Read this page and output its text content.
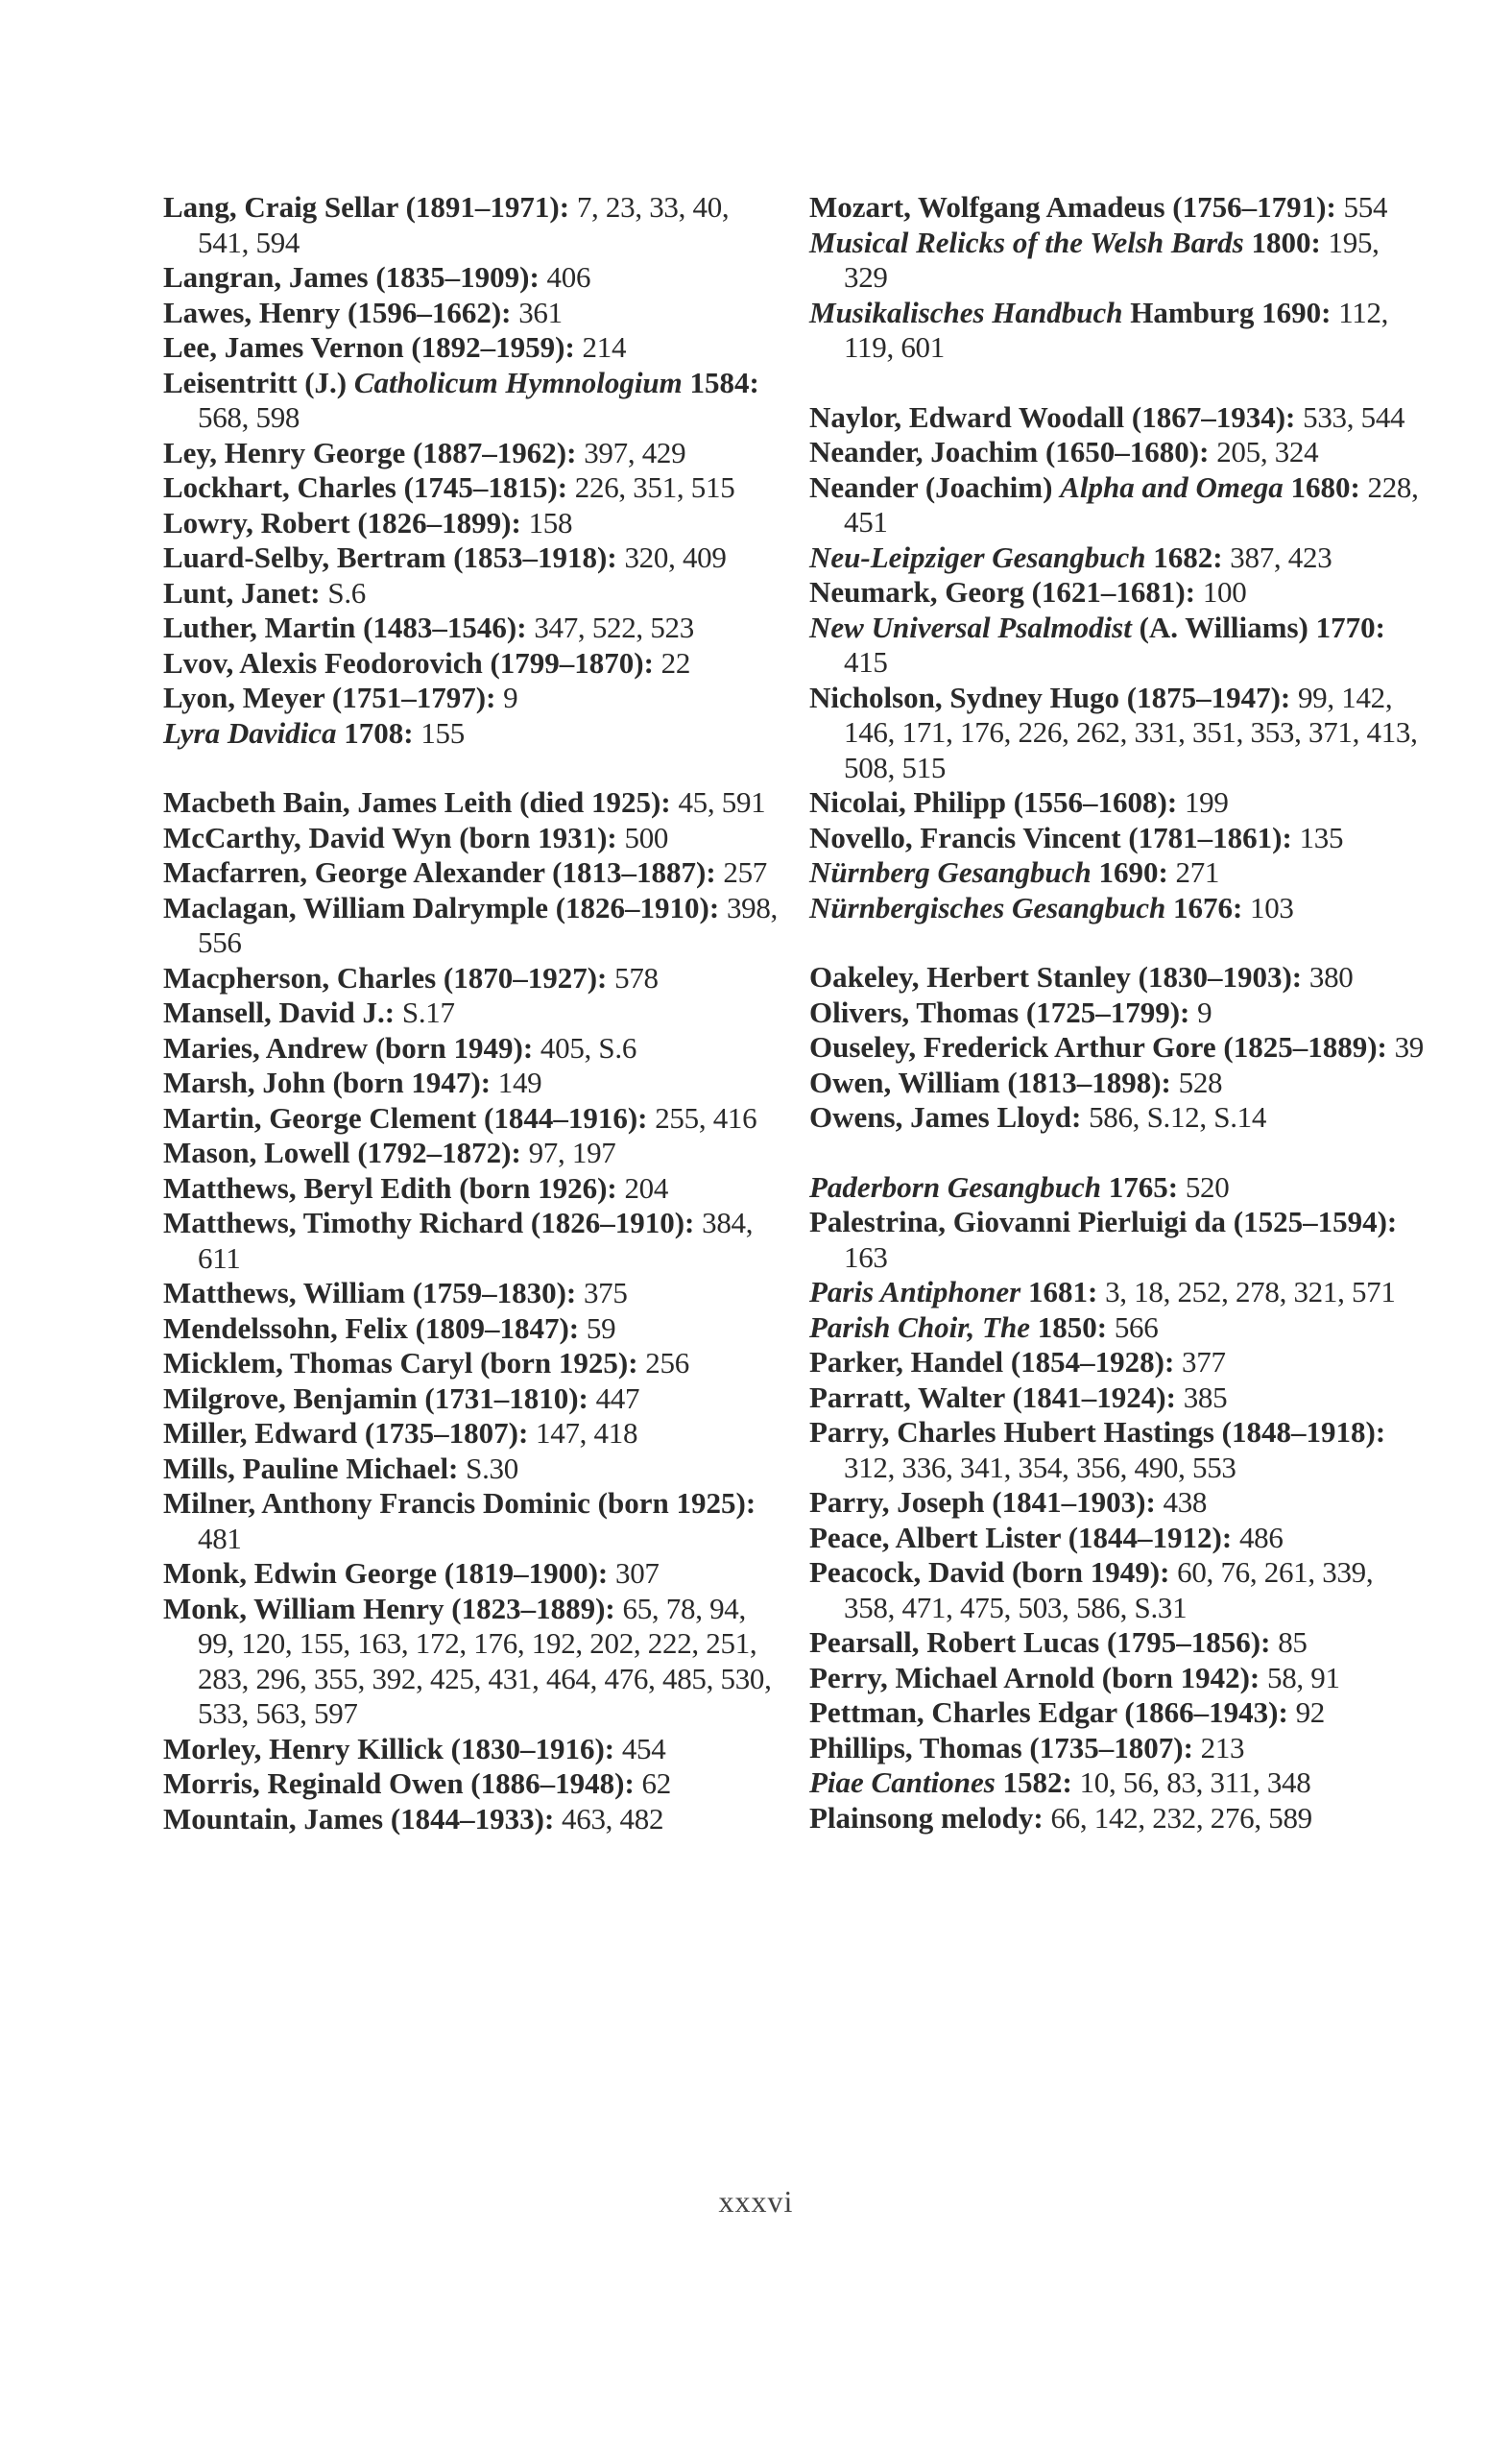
Lang, Craig Sellar (1891–1971): 7, 23, 33, 40, 541, 594

Langran, James (1835–1909): 406

Lawes, Henry (1596–1662): 361

Lee, James Vernon (1892–1959): 214

Leisentritt (J.) Catholicum Hymnologium 1584: 568, 598

Ley, Henry George (1887–1962): 397, 429

Lockhart, Charles (1745–1815): 226, 351, 515

Lowry, Robert (1826–1899): 158

Luard-Selby, Bertram (1853–1918): 320, 409

Lunt, Janet: S.6

Luther, Martin (1483–1546): 347, 522, 523

Lvov, Alexis Feodorovich (1799–1870): 22

Lyon, Meyer (1751–1797): 9

Lyra Davidica 1708: 155

Macbeth Bain, James Leith (died 1925): 45, 591

McCarthy, David Wyn (born 1931): 500

Macfarren, George Alexander (1813–1887): 257

Maclagan, William Dalrymple (1826–1910): 398, 556

Macpherson, Charles (1870–1927): 578

Mansell, David J.: S.17

Maries, Andrew (born 1949): 405, S.6

Marsh, John (born 1947): 149

Martin, George Clement (1844–1916): 255, 416

Mason, Lowell (1792–1872): 97, 197

Matthews, Beryl Edith (born 1926): 204

Matthews, Timothy Richard (1826–1910): 384, 611

Matthews, William (1759–1830): 375

Mendelssohn, Felix (1809–1847): 59

Micklem, Thomas Caryl (born 1925): 256

Milgrove, Benjamin (1731–1810): 447

Miller, Edward (1735–1807): 147, 418

Mills, Pauline Michael: S.30

Milner, Anthony Francis Dominic (born 1925): 481

Monk, Edwin George (1819–1900): 307

Monk, William Henry (1823–1889): 65, 78, 94, 99, 120, 155, 163, 172, 176, 192, 202, 222, 251, 283, 296, 355, 392, 425, 431, 464, 476, 485, 530, 533, 563, 597

Morley, Henry Killick (1830–1916): 454

Morris, Reginald Owen (1886–1948): 62

Mountain, James (1844–1933): 463, 482

Mozart, Wolfgang Amadeus (1756–1791): 554

Musical Relicks of the Welsh Bards 1800: 195, 329

Musikalisches Handbuch Hamburg 1690: 112, 119, 601

Naylor, Edward Woodall (1867–1934): 533, 544

Neander, Joachim (1650–1680): 205, 324

Neander (Joachim) Alpha and Omega 1680: 228, 451

Neu-Leipziger Gesangbuch 1682: 387, 423

Neumark, Georg (1621–1681): 100

New Universal Psalmodist (A. Williams) 1770: 415

Nicholson, Sydney Hugo (1875–1947): 99, 142, 146, 171, 176, 226, 262, 331, 351, 353, 371, 413, 508, 515

Nicolai, Philipp (1556–1608): 199

Novello, Francis Vincent (1781–1861): 135

Nürnberg Gesangbuch 1690: 271

Nürnbergisches Gesangbuch 1676: 103

Oakeley, Herbert Stanley (1830–1903): 380

Olivers, Thomas (1725–1799): 9

Ouseley, Frederick Arthur Gore (1825–1889): 39

Owen, William (1813–1898): 528

Owens, James Lloyd: 586, S.12, S.14

Paderborn Gesangbuch 1765: 520

Palestrina, Giovanni Pierluigi da (1525–1594): 163

Paris Antiphoner 1681: 3, 18, 252, 278, 321, 571

Parish Choir, The 1850: 566

Parker, Handel (1854–1928): 377

Parratt, Walter (1841–1924): 385

Parry, Charles Hubert Hastings (1848–1918): 312, 336, 341, 354, 356, 490, 553

Parry, Joseph (1841–1903): 438

Peace, Albert Lister (1844–1912): 486

Peacock, David (born 1949): 60, 76, 261, 339, 358, 471, 475, 503, 586, S.31

Pearsall, Robert Lucas (1795–1856): 85

Perry, Michael Arnold (born 1942): 58, 91

Pettman, Charles Edgar (1866–1943): 92

Phillips, Thomas (1735–1807): 213

Piae Cantiones 1582: 10, 56, 83, 311, 348

Plainsong melody: 66, 142, 232, 276, 589

xxxvi
